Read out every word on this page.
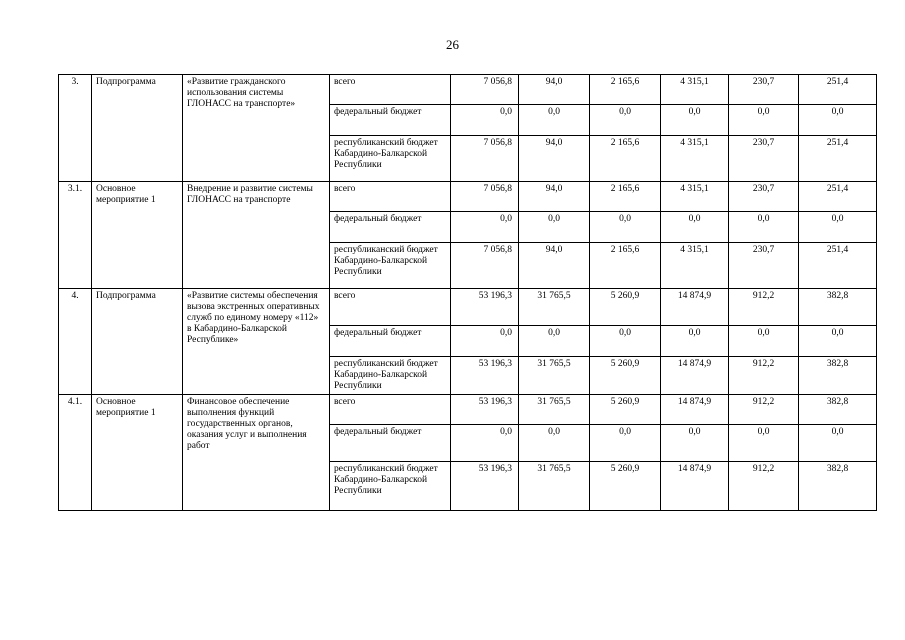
26
3.	Подпрограмма	«Развитие гражданского использования системы ГЛОНАСС на транспорте»	всего	7 056,8	94,0	2 165,6	4 315,1	230,7	251,4
			федеральный бюджет	0,0	0,0	0,0	0,0	0,0	0,0
			республиканский бюджет Кабардино-Балкарской Республики	7 056,8	94,0	2 165,6	4 315,1	230,7	251,4
3.1.	Основное мероприятие 1	Внедрение и развитие системы ГЛОНАСС на транспорте	всего	7 056,8	94,0	2 165,6	4 315,1	230,7	251,4
			федеральный бюджет	0,0	0,0	0,0	0,0	0,0	0,0
			республиканский бюджет Кабардино-Балкарской Республики	7 056,8	94,0	2 165,6	4 315,1	230,7	251,4
4.	Подпрограмма	«Развитие системы обеспечения вызова экстренных оперативных служб по единому номеру «112» в Кабардино-Балкарской Республике»	всего	53 196,3	31 765,5	5 260,9	14 874,9	912,2	382,8
			федеральный бюджет	0,0	0,0	0,0	0,0	0,0	0,0
			республиканский бюджет Кабардино-Балкарской Республики	53 196,3	31 765,5	5 260,9	14 874,9	912,2	382,8
4.1.	Основное мероприятие 1	Финансовое обеспечение выполнения функций государственных органов, оказания услуг и выполнения работ	всего	53 196,3	31 765,5	5 260,9	14 874,9	912,2	382,8
			федеральный бюджет	0,0	0,0	0,0	0,0	0,0	0,0
			республиканский бюджет Кабардино-Балкарской Республики	53 196,3	31 765,5	5 260,9	14 874,9	912,2	382,8
